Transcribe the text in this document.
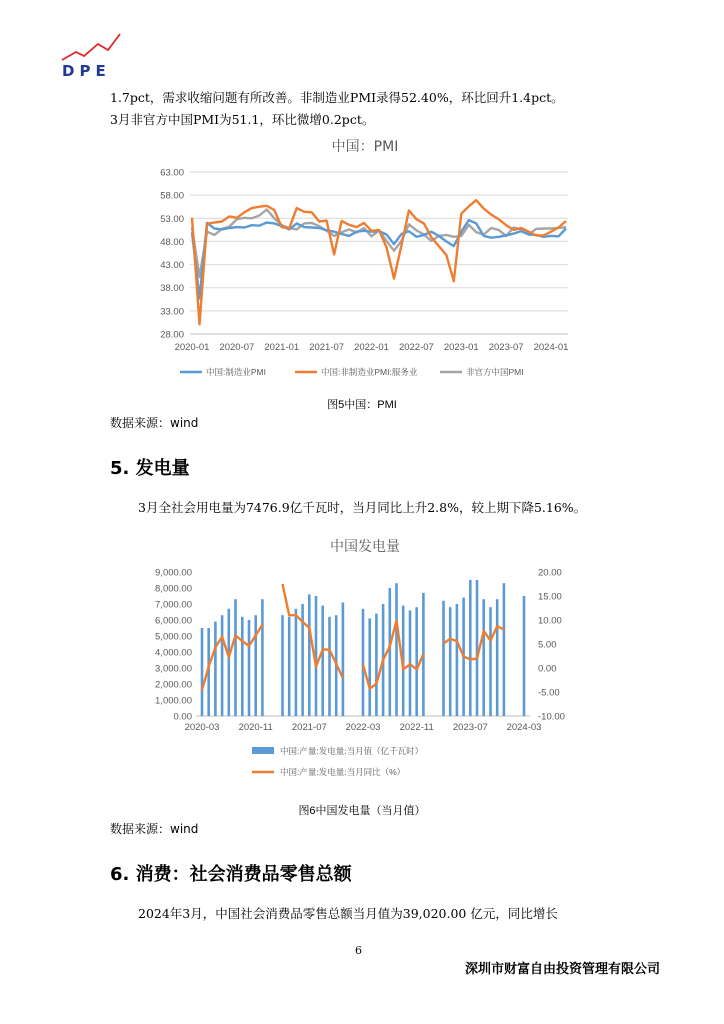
DPE
1.7pct，需求收缩问题有所改善。非制造业PMI录得52.40%，环比回升1.4pct。
3月非官方中国PMI为51.1，环比微增0.2pct。
中国：PMI
63.00
58.00
53.00
48.00
43.00
38.00
33.00
28.00
2020-01 2020-07 2021-01 2021-07 2022-01 2022-07 2023-01 2023-07 2024-01
中国:制造业PMI	中国:非制造业PMI:服务业	非官方中国PMI
图5中国：PMI
数据来源：wind
5. 发电量
3月全社会用电量为7476.9亿千瓦时，当月同比上升2.8%，较上期下降5.16%。
中国发电量
9,000.00
8,000.00
7,000.00
6,000.00
5,000.00
4,000.00
3,000.00
2,000.00
1,000.00
0.00
20.00
15.00
10.00
5.00
0.00
-5.00
-10.00
2020-03 2020-11 2021-07 2022-03 2022-11 2023-07 2024-03
中国:产量:发电量:当月值（亿千瓦时）
中国:产量:发电量:当月同比（%）
图6中国发电量（当月值）
数据来源：wind
6. 消费：社会消费品零售总额
2024年3月，中国社会消费品零售总额当月值为39,020.00 亿元，同比增长
6
深圳市财富自由投资管理有限公司
